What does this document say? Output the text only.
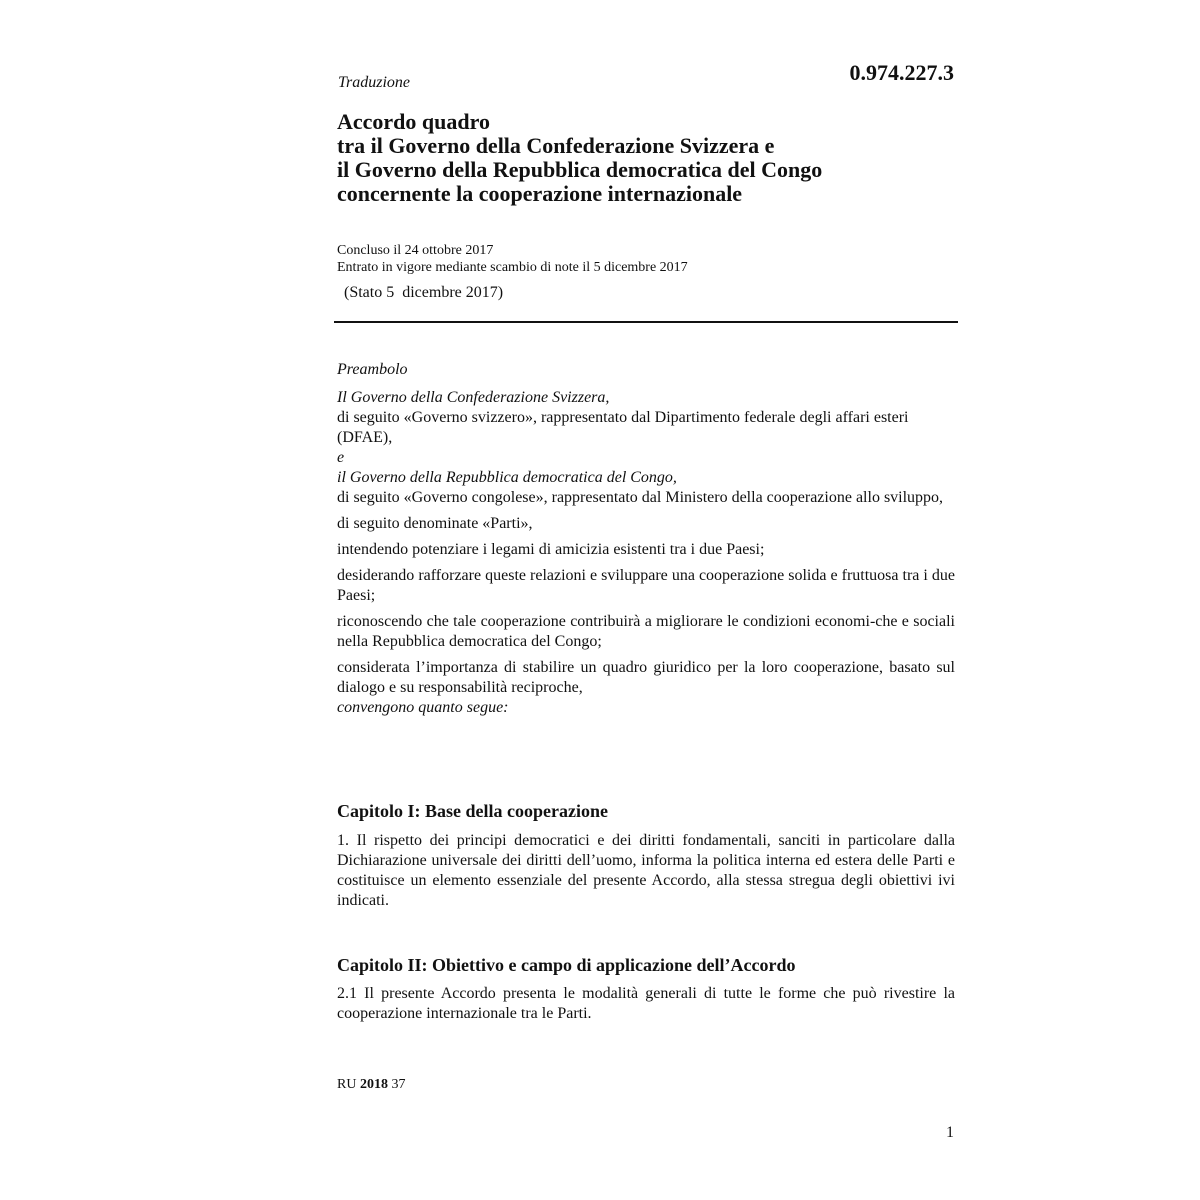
Traduzione	0.974.227.3

Accordo quadro
tra il Governo della Confederazione Svizzera e
il Governo della Repubblica democratica del Congo
concernente la cooperazione internazionale
Concluso il 24 ottobre 2017
Entrato in vigore mediante scambio di note il 5 dicembre 2017

(Stato 5  dicembre 2017)

Preambolo

Il Governo della Confederazione Svizzera,
di seguito «Governo svizzero», rappresentato dal Dipartimento federale degli affari esteri (DFAE),
e
il Governo della Repubblica democratica del Congo,
di seguito «Governo congolese», rappresentato dal Ministero della cooperazione allo sviluppo,
di seguito denominate «Parti»,
intendendo potenziare i legami di amicizia esistenti tra i due Paesi;
desiderando rafforzare queste relazioni e sviluppare una cooperazione solida e fruttuosa tra i due Paesi;
riconoscendo che tale cooperazione contribuirà a migliorare le condizioni economi-che e sociali nella Repubblica democratica del Congo;
considerata l’importanza di stabilire un quadro giuridico per la loro cooperazione, basato sul dialogo e su responsabilità reciproche,
convengono quanto segue:
Capitolo I: Base della cooperazione

1. Il rispetto dei principi democratici e dei diritti fondamentali, sanciti in particolare dalla Dichiarazione universale dei diritti dell’uomo, informa la politica interna ed estera delle Parti e costituisce un elemento essenziale del presente Accordo, alla stessa stregua degli obiettivi ivi indicati.

Capitolo II: Obiettivo e campo di applicazione dell’Accordo

2.1 Il presente Accordo presenta le modalità generali di tutte le forme che può rivestire la cooperazione internazionale tra le Parti.

RU 2018 37

1
